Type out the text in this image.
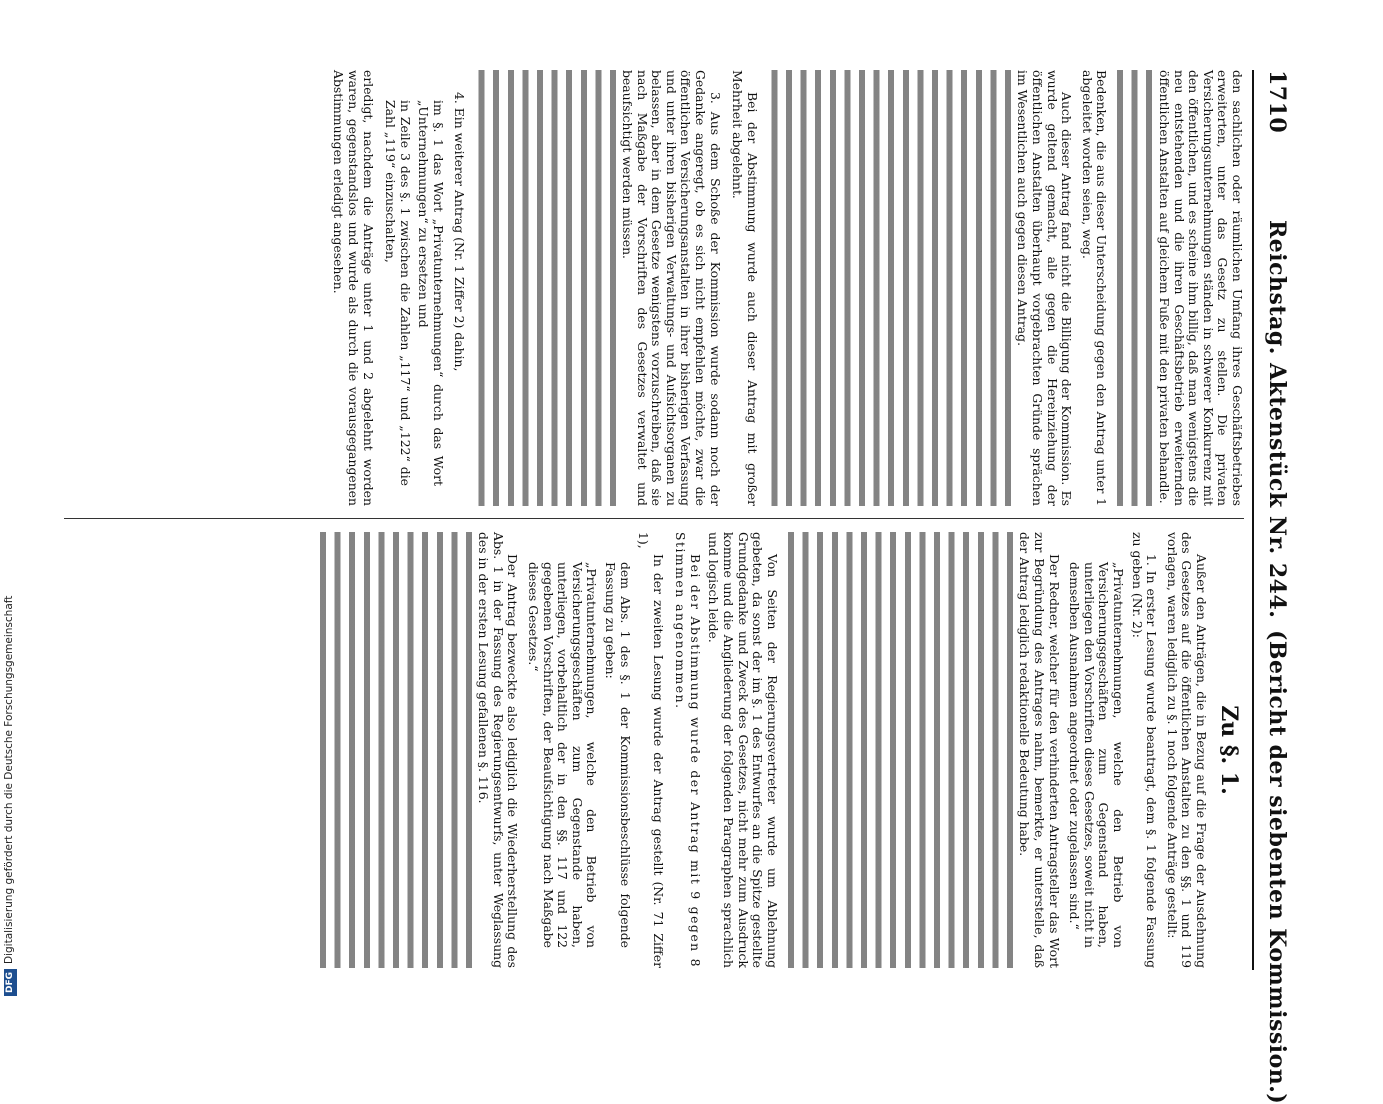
1710
Reichstag. Aktenstück Nr. 244.
(Bericht der siebenten Kommission.)

den sachlichen oder räumlichen Umfang ihres Geschäftsbetriebes erweiterten, unter das Gesetz zu stellen. Die privaten Versicherungsunternehmungen ständen in schwerer Konkurrenz mit den öffentlichen, und es scheine ihm billig, daß man wenigstens die neu entstehenden und die ihren Geschäftsbetrieb erweiternden öffentlichen Anstalten auf gleichem Fuße mit den privaten behandle.

Bedenken, die aus dieser Unterscheidung gegen den Antrag unter 1 abgeleitet worden seien, weg.

Auch dieser Antrag fand nicht die Billigung der Kommission. Es wurde geltend gemacht, alle gegen die Hereinziehung der öffentlichen Anstalten überhaupt vorgebrachten Gründe sprächen im Wesentlichen auch gegen diesen Antrag.

Bei der Abstimmung wurde auch dieser Antrag mit großer Mehrheit abgelehnt.

3. Aus dem Schoße der Kommission wurde sodann noch der Gedanke angeregt, ob es sich nicht empfehlen möchte, zwar die öffentlichen Versicherungsanstalten in ihrer bisherigen Verfassung und unter ihren bisherigen Verwaltungs- und Aufsichtsorganen zu belassen, aber in dem Gesetze wenigstens vorzuschreiben, daß sie nach Maßgabe der Vorschriften des Gesetzes verwaltet und beaufsichtigt werden müssen.

4. Ein weiterer Antrag (Nr. 1 Ziffer 2) dahin,

im §. 1 das Wort „Privatunternehmungen“ durch das Wort „Unternehmungen“ zu ersetzen und

in Zeile 3 des §. 1 zwischen die Zahlen „117“ und „122“ die Zahl „119“ einzuschalten,

erledigt, nachdem die Anträge unter 1 und 2 abgelehnt worden waren, gegenstandslos und wurde als durch die vorausgegangenen Abstimmungen erledigt angesehen.

Zu §. 1.

Außer den Anträgen, die in Bezug auf die Frage der Ausdehnung des Gesetzes auf die öffentlichen Anstalten zu den §§. 1 und 119 vorlagen, waren lediglich zu §. 1 noch folgende Anträge gestellt:

1. In erster Lesung wurde beantragt, dem §. 1 folgende Fassung zu geben (Nr. 2):

„Privatunternehmungen, welche den Betrieb von Versicherungsgeschäften zum Gegenstand haben, unterliegen den Vorschriften dieses Gesetzes, soweit nicht in demselben Ausnahmen angeordnet oder zugelassen sind.“

Der Redner, welcher für den verhinderten Antragsteller das Wort zur Begründung des Antrages nahm, bemerkte, er unterstelle, daß der Antrag lediglich redaktionelle Bedeutung habe.

Von Seiten der Regierungsvertreter wurde um Ablehnung gebeten, da sonst der im §. 1 des Entwurfes an die Spitze gestellte Grundgedanke und Zweck des Gesetzes, nicht mehr zum Ausdruck komme und die Angliederung der folgenden Paragraphen sprachlich und logisch leide.

Bei der Abstimmung wurde der Antrag mit 9 gegen 8 Stimmen angenommen.

In der zweiten Lesung wurde der Antrag gestellt (Nr. 71 Ziffer 1),

dem Abs. 1 des §. 1 der Kommissionsbeschlüsse folgende Fassung zu geben:

„Privatunternehmungen, welche den Betrieb von Versicherungsgeschäften zum Gegenstande haben, unterliegen, vorbehaltlich der in den §§. 117 und 122 gegebenen Vorschriften, der Beaufsichtigung nach Maßgabe dieses Gesetzes.“

Der Antrag bezweckte also lediglich die Wiederherstellung des Abs. 1 in der Fassung des Regierungsentwurfs, unter Weglassung des in der ersten Lesung gefallenen §. 116.

DFGDigitalisierung gefördert durch die Deutsche Forschungsgemeinschaft
